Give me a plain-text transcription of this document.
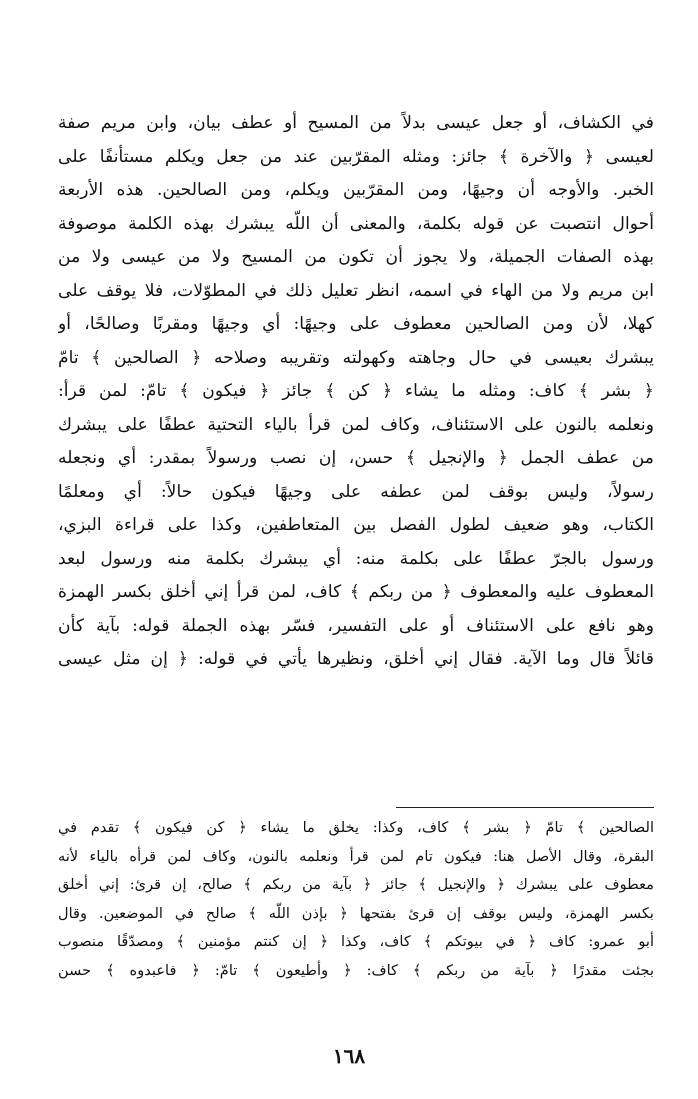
في الكشاف، أو جعل عيسى بدلاً من المسيح أو عطف بيان، وابن مريم صفة
لعيسى ﴿ والآخرة ﴾ جائز: ومثله المقرّبين عند من جعل ويكلم مستأنفًا على
الخبر. والأوجه أن وجيهًا، ومن المقرّبين ويكلم، ومن الصالحين. هذه الأربعة
أحوال انتصبت عن قوله بكلمة، والمعنى أن اللّه يبشرك بهذه الكلمة موصوفة
بهذه الصفات الجميلة، ولا يجوز أن تكون من المسيح ولا من عيسى ولا من
ابن مريم ولا من الهاء في اسمه، انظر تعليل ذلك في المطوّلات، فلا يوقف على
كهلا، لأن ومن الصالحين معطوف على وجيهًا: أي وجيهًا ومقربًا وصالحًا، أو
يبشرك بعيسى في حال وجاهته وكهولته وتقريبه وصلاحه ﴿ الصالحين ﴾ تامّ
﴿ بشر ﴾ كاف: ومثله ما يشاء ﴿ كن ﴾ جائز ﴿ فيكون ﴾ تامّ: لمن قرأ:
ونعلمه بالنون على الاستئناف، وكاف لمن قرأ بالياء التحتية عطفًا على يبشرك
من عطف الجمل ﴿ والإنجيل ﴾ حسن، إن نصب ورسولاً بمقدر: أي ونجعله
رسولاً، وليس بوقف لمن عطفه على وجيهًا فيكون حالاً: أي ومعلمًا
الكتاب، وهو ضعيف لطول الفصل بين المتعاطفين، وكذا على قراءة البزي،
ورسول بالجرّ عطفًا على بكلمة منه: أي يبشرك بكلمة منه ورسول لبعد
المعطوف عليه والمعطوف ﴿ من ربكم ﴾ كاف، لمن قرأ إني أخلق بكسر الهمزة
وهو نافع على الاستئناف أو على التفسير، فسّر بهذه الجملة قوله: بآية كأن
قائلاً قال وما الآية. فقال إني أخلق، ونظيرها يأتي في قوله: ﴿ إن مثل عيسى
الصالحين ﴾ تامّ ﴿ بشر ﴾ كاف، وكذا: يخلق ما يشاء ﴿ كن فيكون ﴾ تقدم في
البقرة، وقال الأصل هنا: فيكون تام لمن قرأ ونعلمه بالنون، وكاف لمن قرأه بالياء لأنه
معطوف على يبشرك ﴿ والإنجيل ﴾ جائز ﴿ بآية من ربكم ﴾ صالح، إن قرئ: إني أخلق
بكسر الهمزة، وليس بوقف إن قرئ بفتحها ﴿ بإذن اللّه ﴾ صالح في الموضعين. وقال
أبو عمرو: كاف ﴿ في بيوتكم ﴾ كاف، وكذا ﴿ إن كنتم مؤمنين ﴾ ومصدّقًا منصوب
بجئت مقدرًا ﴿ بآية من ربكم ﴾ كاف: ﴿ وأطيعون ﴾ تامّ: ﴿ فاعبدوه ﴾ حسن
١٦٨
